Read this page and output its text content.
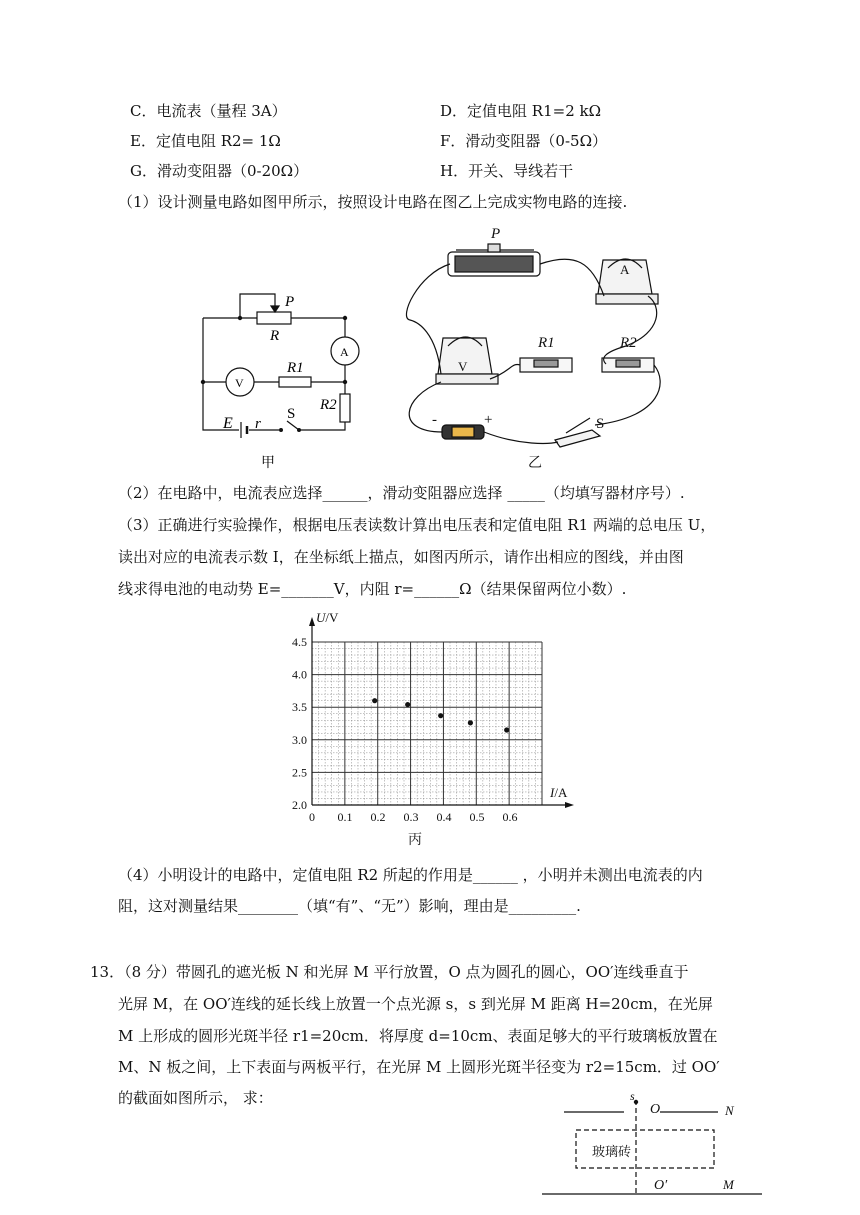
C．电流表（量程 3A）	D．定值电阻 R1=2 kΩ
E．定值电阻 R2= 1Ω	F．滑动变阻器（0-5Ω）
G．滑动变阻器（0-20Ω）	H．开关、导线若干
（1）设计测量电路如图甲所示，按照设计电路在图乙上完成实物电路的连接.
P
R
A
V
R1
R2
E r
S
甲
P
A
V
R1	R2
-	+	S
乙
（2）在电路中，电流表应选择______，滑动变阻器应选择 _____（均填写器材序号）.
（3）正确进行实验操作，根据电压表读数计算出电压表和定值电阻 R1 两端的总电压 U，
读出对应的电流表示数 I，在坐标纸上描点，如图丙所示，请作出相应的图线，并由图
线求得电池的电动势 E=_______V，内阻 r=______Ω（结果保留两位小数）.
0 0.1 0.2 0.3 0.4 0.5 0.6
2.0
2.5
3.0
3.5
4.0
4.5
U/V
I/A
丙
（4）小明设计的电路中，定值电阻 R2 所起的作用是______ ，小明并未测出电流表的内
阻，这对测量结果________（填“有”、“无”）影响，理由是_________.
13．（8 分）带圆孔的遮光板 N 和光屏 M 平行放置，O 点为圆孔的圆心，OO′连线垂直于
光屏 M，在 OO′连线的延长线上放置一个点光源 s，s 到光屏 M 距离 H=20cm，在光屏
M 上形成的圆形光斑半径 r1=20cm．将厚度 d=10cm、表面足够大的平行玻璃板放置在
M、N 板之间，上下表面与两板平行，在光屏 M 上圆形光斑半径变为 r2=15cm．过 OO′
的截面如图所示， 求：	s
O	N
玻璃砖
O′	M
